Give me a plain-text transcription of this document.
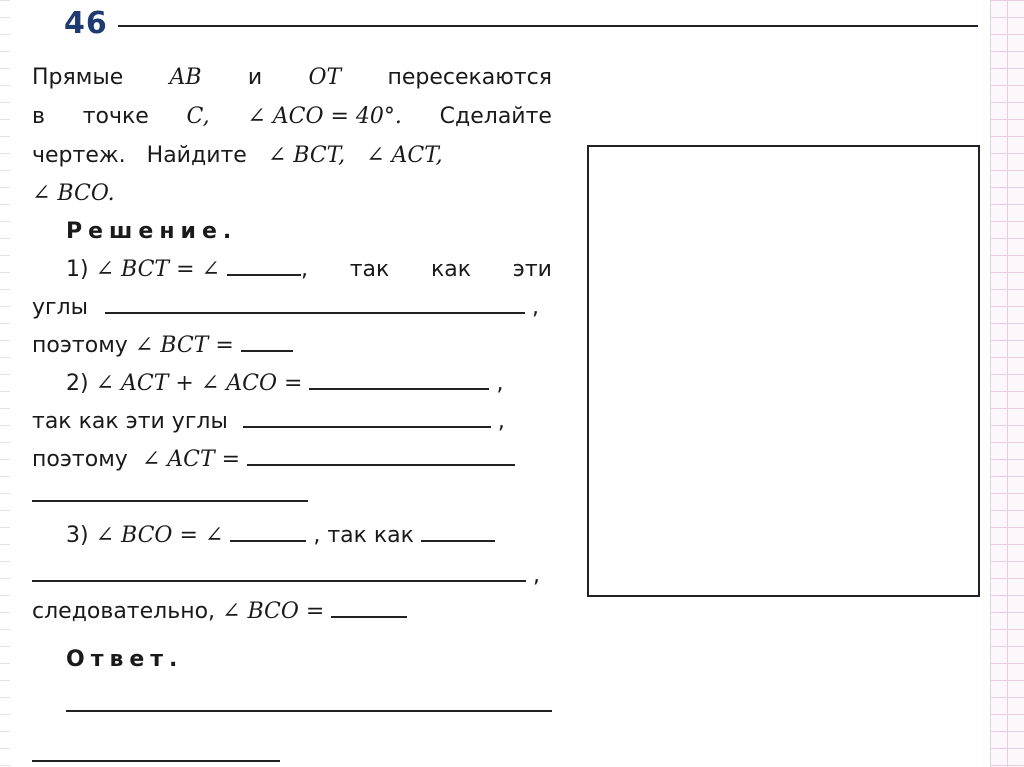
46
Прямые AB и OT пересекаются
в точке C, ∠ ACO = 40°. Сделайте
чертеж. Найдите ∠ BCT, ∠ ACT,
∠ BCO.
Решение.
1) ∠ BCT = ∠	, так как эти
углы	,
поэтому ∠ BCT =
2) ∠ ACT + ∠ ACO =	,
так как эти углы	,
поэтому ∠ ACT =
3) ∠ BCO = ∠	, так как
,
следовательно, ∠ BCO =
Ответ.
